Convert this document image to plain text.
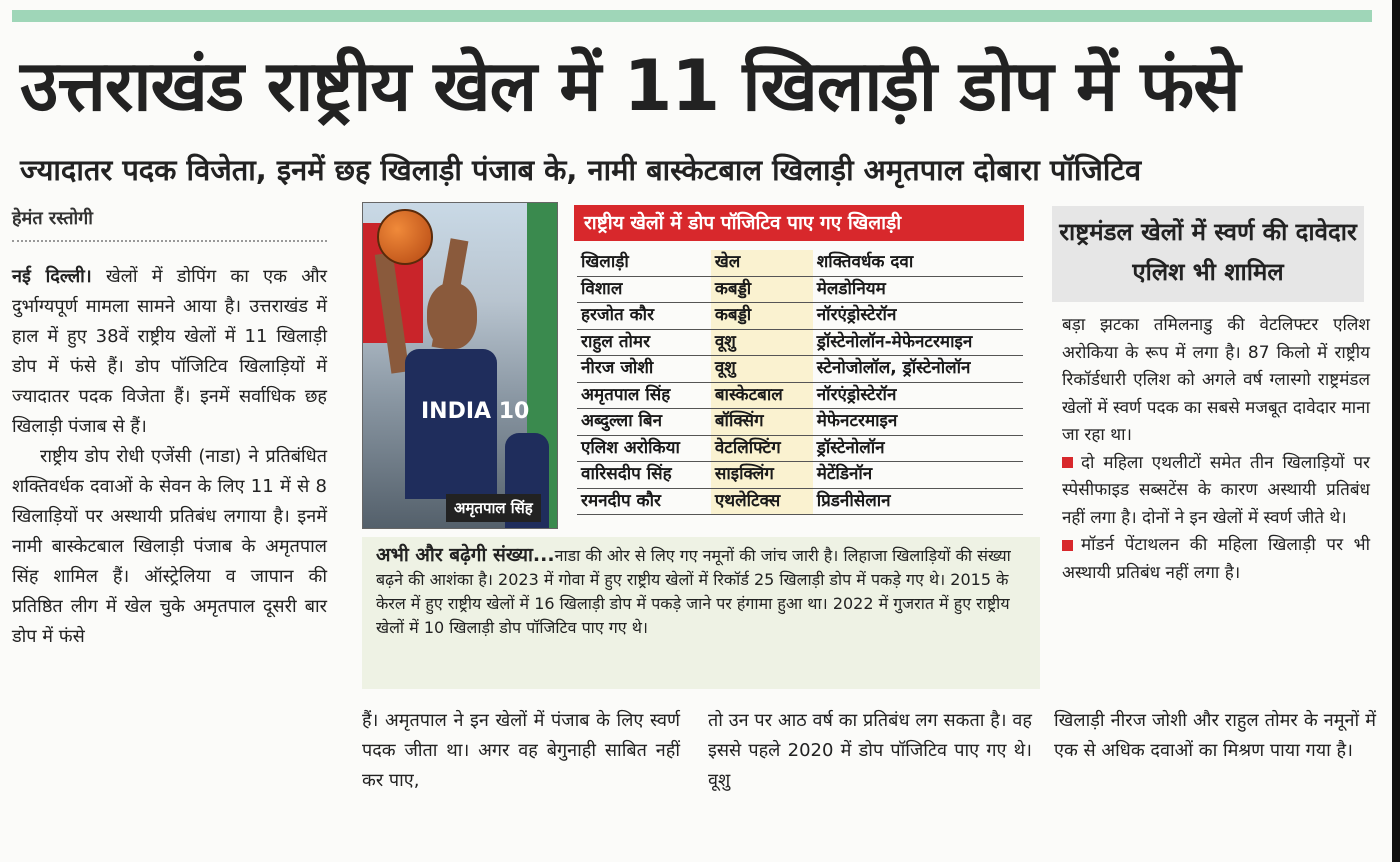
उत्तराखंड राष्ट्रीय खेल में 11 खिलाड़ी डोप में फंसे
ज्यादातर पदक विजेता, इनमें छह खिलाड़ी पंजाब के, नामी बास्केटबाल खिलाड़ी अमृतपाल दोबारा पॉजिटिव
हेमंत रस्तोगी

नई दिल्ली। खेलों में डोपिंग का एक और दुर्भाग्यपूर्ण मामला सामने आया है। उत्तराखंड में हाल में हुए 38वें राष्ट्रीय खेलों में 11 खिलाड़ी डोप में फंसे हैं। डोप पॉजिटिव खिलाड़ियों में ज्यादातर पदक विजेता हैं। इनमें सर्वाधिक छह खिलाड़ी पंजाब से हैं।

राष्ट्रीय डोप रोधी एजेंसी (नाडा) ने प्रतिबंधित शक्तिवर्धक दवाओं के सेवन के लिए 11 में से 8 खिलाड़ियों पर अस्थायी प्रतिबंध लगाया है। इनमें नामी बास्केटबाल खिलाड़ी पंजाब के अमृतपाल सिंह शामिल हैं। ऑस्ट्रेलिया व जापान की प्रतिष्ठित लीग में खेल चुके अमृतपाल दूसरी बार डोप में फंसे

INDIA 10
अमृतपाल सिंह
राष्ट्रीय खेलों में डोप पॉजिटिव पाए गए खिलाड़ी
खिलाड़ी	खेल	शक्तिवर्धक दवा
विशाल	कबड्डी	मेलडोनियम
हरजोत कौर	कबड्डी	नॉरएंड्रोस्टेरॉन
राहुल तोमर	वूशु	ड्रॉस्टेनोलॉन-मेफेनटरमाइन
नीरज जोशी	वूशु	स्टेनोजोलॉल, ड्रॉस्टेनोलॉन
अमृतपाल सिंह	बास्केटबाल	नॉरएंड्रोस्टेरॉन
अब्दुल्ला बिन	बॉक्सिंग	मेफेनटरमाइन
एलिश अरोकिया	वेटलिफ्टिंग	ड्रॉस्टेनोलॉन
वारिसदीप सिंह	साइक्लिंग	मेटेंडिनॉन
रमनदीप कौर	एथलेटिक्स	प्रिडनीसेलान
अभी और बढ़ेगी संख्या...नाडा की ओर से लिए गए नमूनों की जांच जारी है। लिहाजा खिलाड़ियों की संख्या बढ़ने की आशंका है। 2023 में गोवा में हुए राष्ट्रीय खेलों में रिकॉर्ड 25 खिलाड़ी डोप में पकड़े गए थे। 2015 के केरल में हुए राष्ट्रीय खेलों में 16 खिलाड़ी डोप में पकड़े जाने पर हंगामा हुआ था। 2022 में गुजरात में हुए राष्ट्रीय खेलों में 10 खिलाड़ी डोप पॉजिटिव पाए गए थे।
राष्ट्रमंडल खेलों में स्वर्ण की दावेदार एलिश भी शामिल

बड़ा झटका तमिलनाडु की वेटलिफ्टर एलिश अरोकिया के रूप में लगा है। 87 किलो में राष्ट्रीय रिकॉर्डधारी एलिश को अगले वर्ष ग्लास्गो राष्ट्रमंडल खेलों में स्वर्ण पदक का सबसे मजबूत दावेदार माना जा रहा था।

दो महिला एथलीटों समेत तीन खिलाड़ियों पर स्पेसीफाइड सब्सटेंस के कारण अस्थायी प्रतिबंध नहीं लगा है। दोनों ने इन खेलों में स्वर्ण जीते थे।

मॉडर्न पेंटाथलन की महिला खिलाड़ी पर भी अस्थायी प्रतिबंध नहीं लगा है।

हैं। अमृतपाल ने इन खेलों में पंजाब के लिए स्वर्ण पदक जीता था। अगर वह बेगुनाही साबित नहीं कर पाए,

तो उन पर आठ वर्ष का प्रतिबंध लग सकता है। वह इससे पहले 2020 में डोप पॉजिटिव पाए गए थे। वूशु

खिलाड़ी नीरज जोशी और राहुल तोमर के नमूनों में एक से अधिक दवाओं का मिश्रण पाया गया है।
